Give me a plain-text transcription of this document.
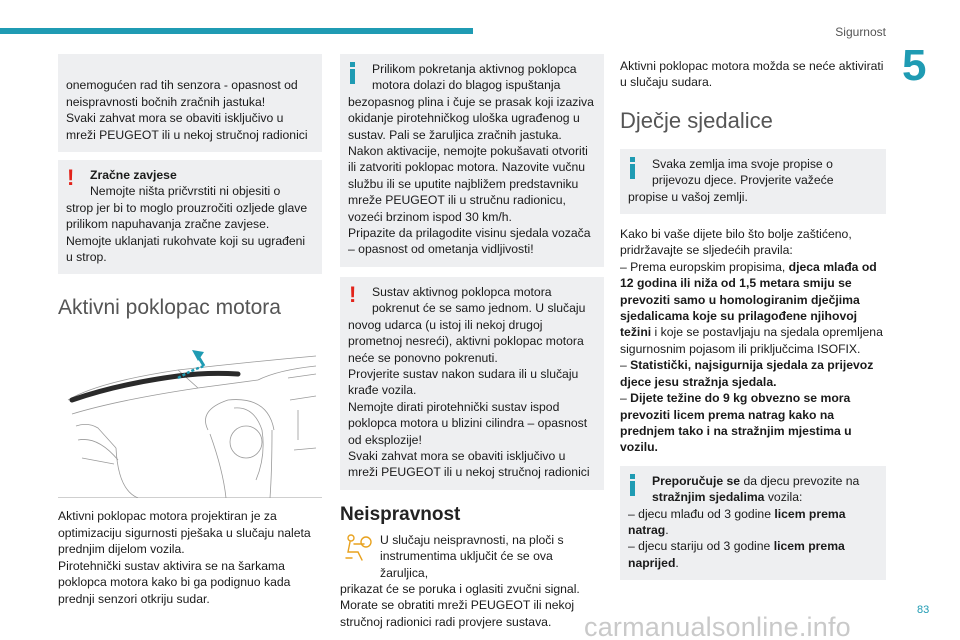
Sigurnost
5

onemogućen rad tih senzora - opasnost od neispravnosti bočnih zračnih jastuka!
Svaki zahvat mora se obaviti isključivo u mreži PEUGEOT ili u nekoj stručnoj radionici

!	Zračne zavjese
Nemojte ništa pričvrstiti ni objesiti o
strop jer bi to moglo prouzročiti ozljede glave prilikom napuhavanja zračne zavjese.
Nemojte uklanjati rukohvate koji su ugrađeni u strop.
Aktivni poklopac motora
Aktivni poklopac motora projektiran je za optimizaciju sigurnosti pješaka u slučaju naleta prednjim dijelom vozila.
Pirotehnički sustav aktivira se na šarkama poklopca motora kako bi ga podignuo kada prednji senzori otkriju sudar.
Prilikom pokretanja aktivnog poklopca motora dolazi do blagog ispuštanja
bezopasnog plina i čuje se prasak koji izaziva okidanje pirotehničkog uloška ugrađenog u sustav. Pali se žaruljica zračnih jastuka.
Nakon aktivacije, nemojte pokušavati otvoriti ili zatvoriti poklopac motora. Nazovite vučnu službu ili se uputite najbližem predstavniku mreže PEUGEOT ili u stručnu radionicu, vozeći brzinom ispod 30 km/h.
Pripazite da prilagodite visinu sjedala vozača – opasnost od ometanja vidljivosti!
!	Sustav aktivnog poklopca motora pokrenut će se samo jednom. U slučaju
novog udarca (u istoj ili nekoj drugoj prometnoj nesreći), aktivni poklopac motora neće se ponovno pokrenuti.
Provjerite sustav nakon sudara ili u slučaju krađe vozila.
Nemojte dirati pirotehnički sustav ispod poklopca motora u blizini cilindra – opasnost od eksplozije!
Svaki zahvat mora se obaviti isključivo u mreži PEUGEOT ili u nekoj stručnoj radionici
Neispravnost
U slučaju neispravnosti, na ploči s instrumentima uključit će se ova žaruljica,
prikazat će se poruka i oglasiti zvučni signal.
Morate se obratiti mreži PEUGEOT ili nekoj stručnoj radionici radi provjere sustava.
Aktivni poklopac motora možda se neće aktivirati u slučaju sudara.
Dječje sjedalice
Svaka zemlja ima svoje propise o prijevozu djece. Provjerite važeće
propise u vašoj zemlji.
Kako bi vaše dijete bilo što bolje zaštićeno, pridržavajte se sljedećih pravila:
– Prema europskim propisima, djeca mlađa od 12 godina ili niža od 1,5 metara smiju se prevoziti samo u homologiranim dječjima sjedalicama koje su prilagođene njihovoj težini i koje se postavljaju na sjedala opremljena sigurnosnim pojasom ili priključcima ISOFIX.
– Statistički, najsigurnija sjedala za prijevoz djece jesu stražnja sjedala.
– Dijete težine do 9 kg obvezno se mora prevoziti licem prema natrag kako na prednjem tako i na stražnjim mjestima u vozilu.
Preporučuje se da djecu prevozite na
stražnjim sjedalima vozila:
– djecu mlađu od 3 godine licem prema natrag.
– djecu stariju od 3 godine licem prema naprijed.
83
carmanualsonline.info
